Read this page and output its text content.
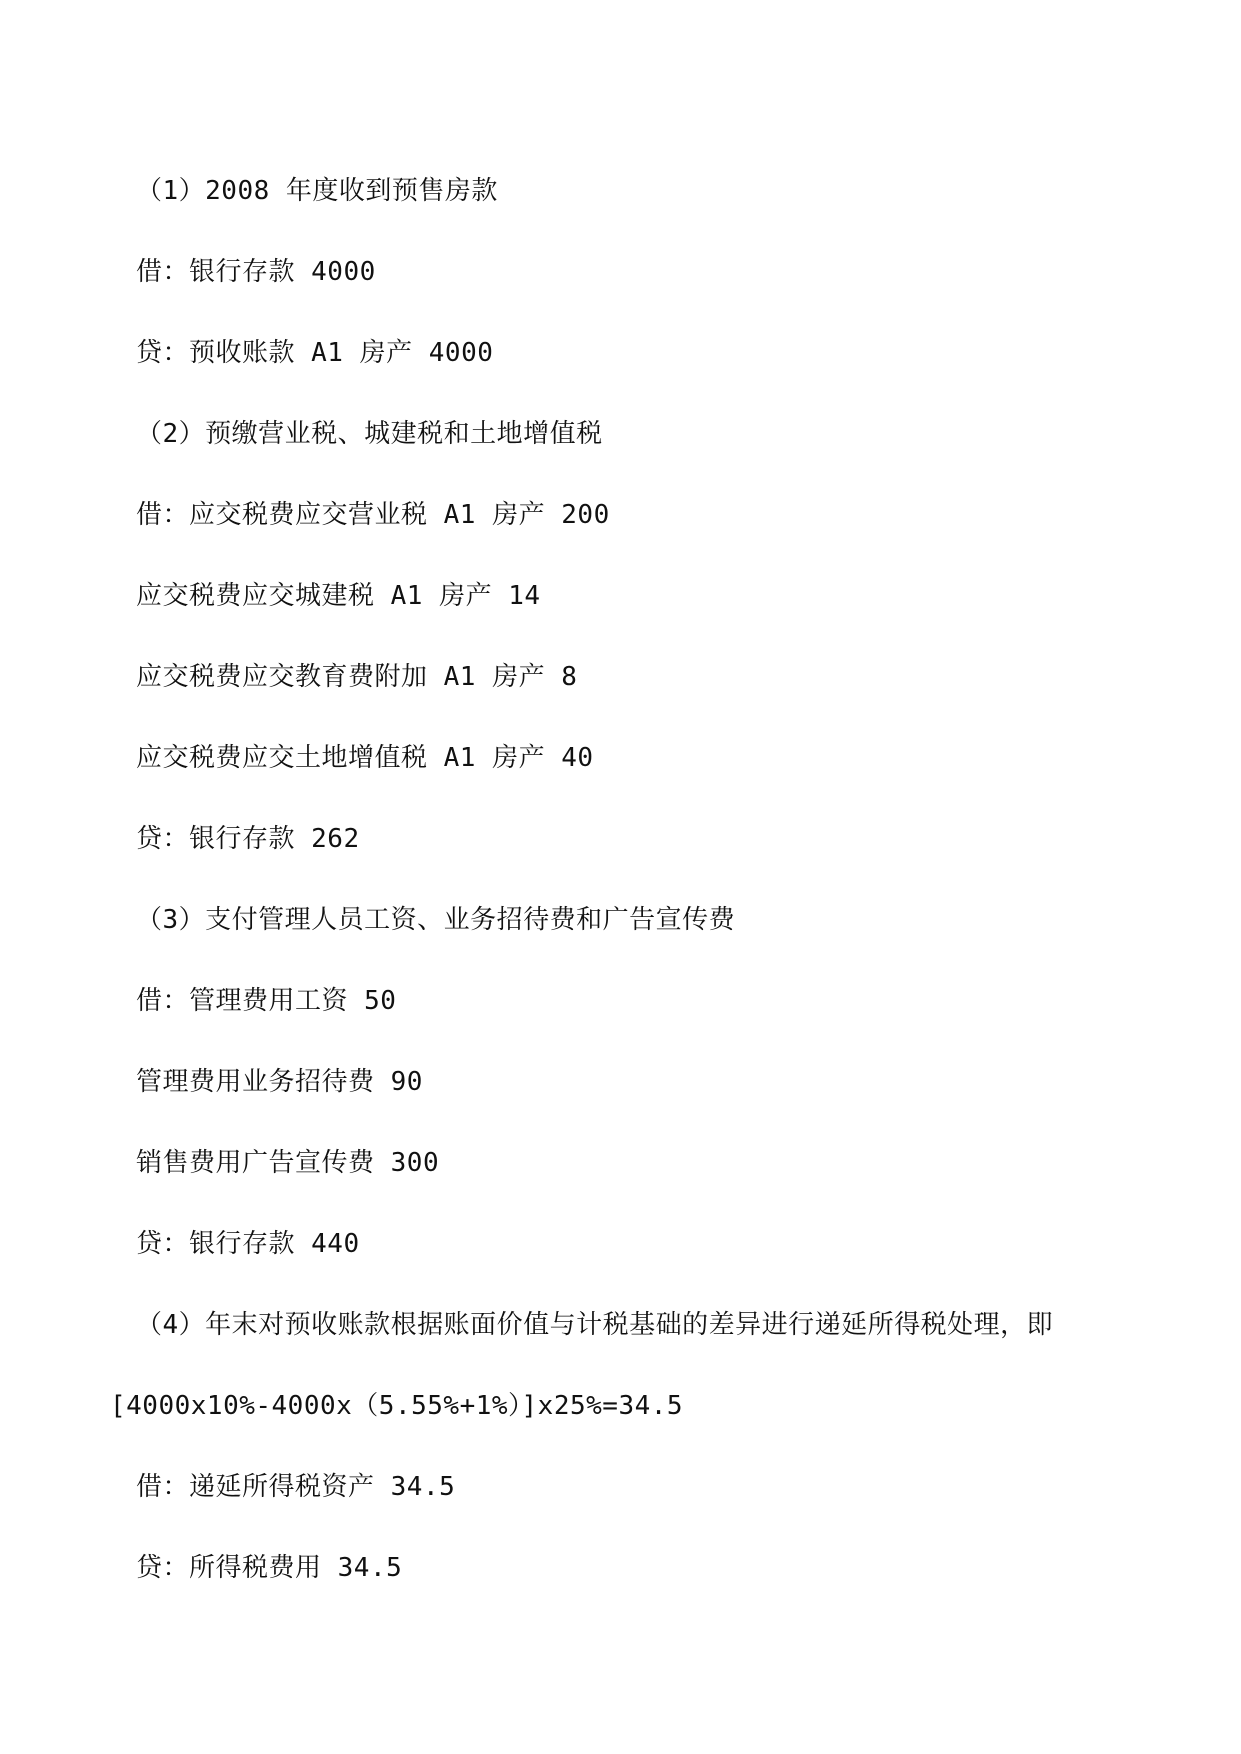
（1）2008 年度收到预售房款
借：银行存款 4000
贷：预收账款 A1 房产 4000
（2）预缴营业税、城建税和土地增值税
借：应交税费应交营业税 A1 房产 200
应交税费应交城建税 A1 房产 14
应交税费应交教育费附加 A1 房产 8
应交税费应交土地增值税 A1 房产 40
贷：银行存款 262
（3）支付管理人员工资、业务招待费和广告宣传费
借：管理费用工资 50
管理费用业务招待费 90
销售费用广告宣传费 300
贷：银行存款 440
（4）年末对预收账款根据账面价值与计税基础的差异进行递延所得税处理，即
[4000x10%-4000x（5.55%+1%）]x25%=34.5
借：递延所得税资产 34.5
贷：所得税费用 34.5
